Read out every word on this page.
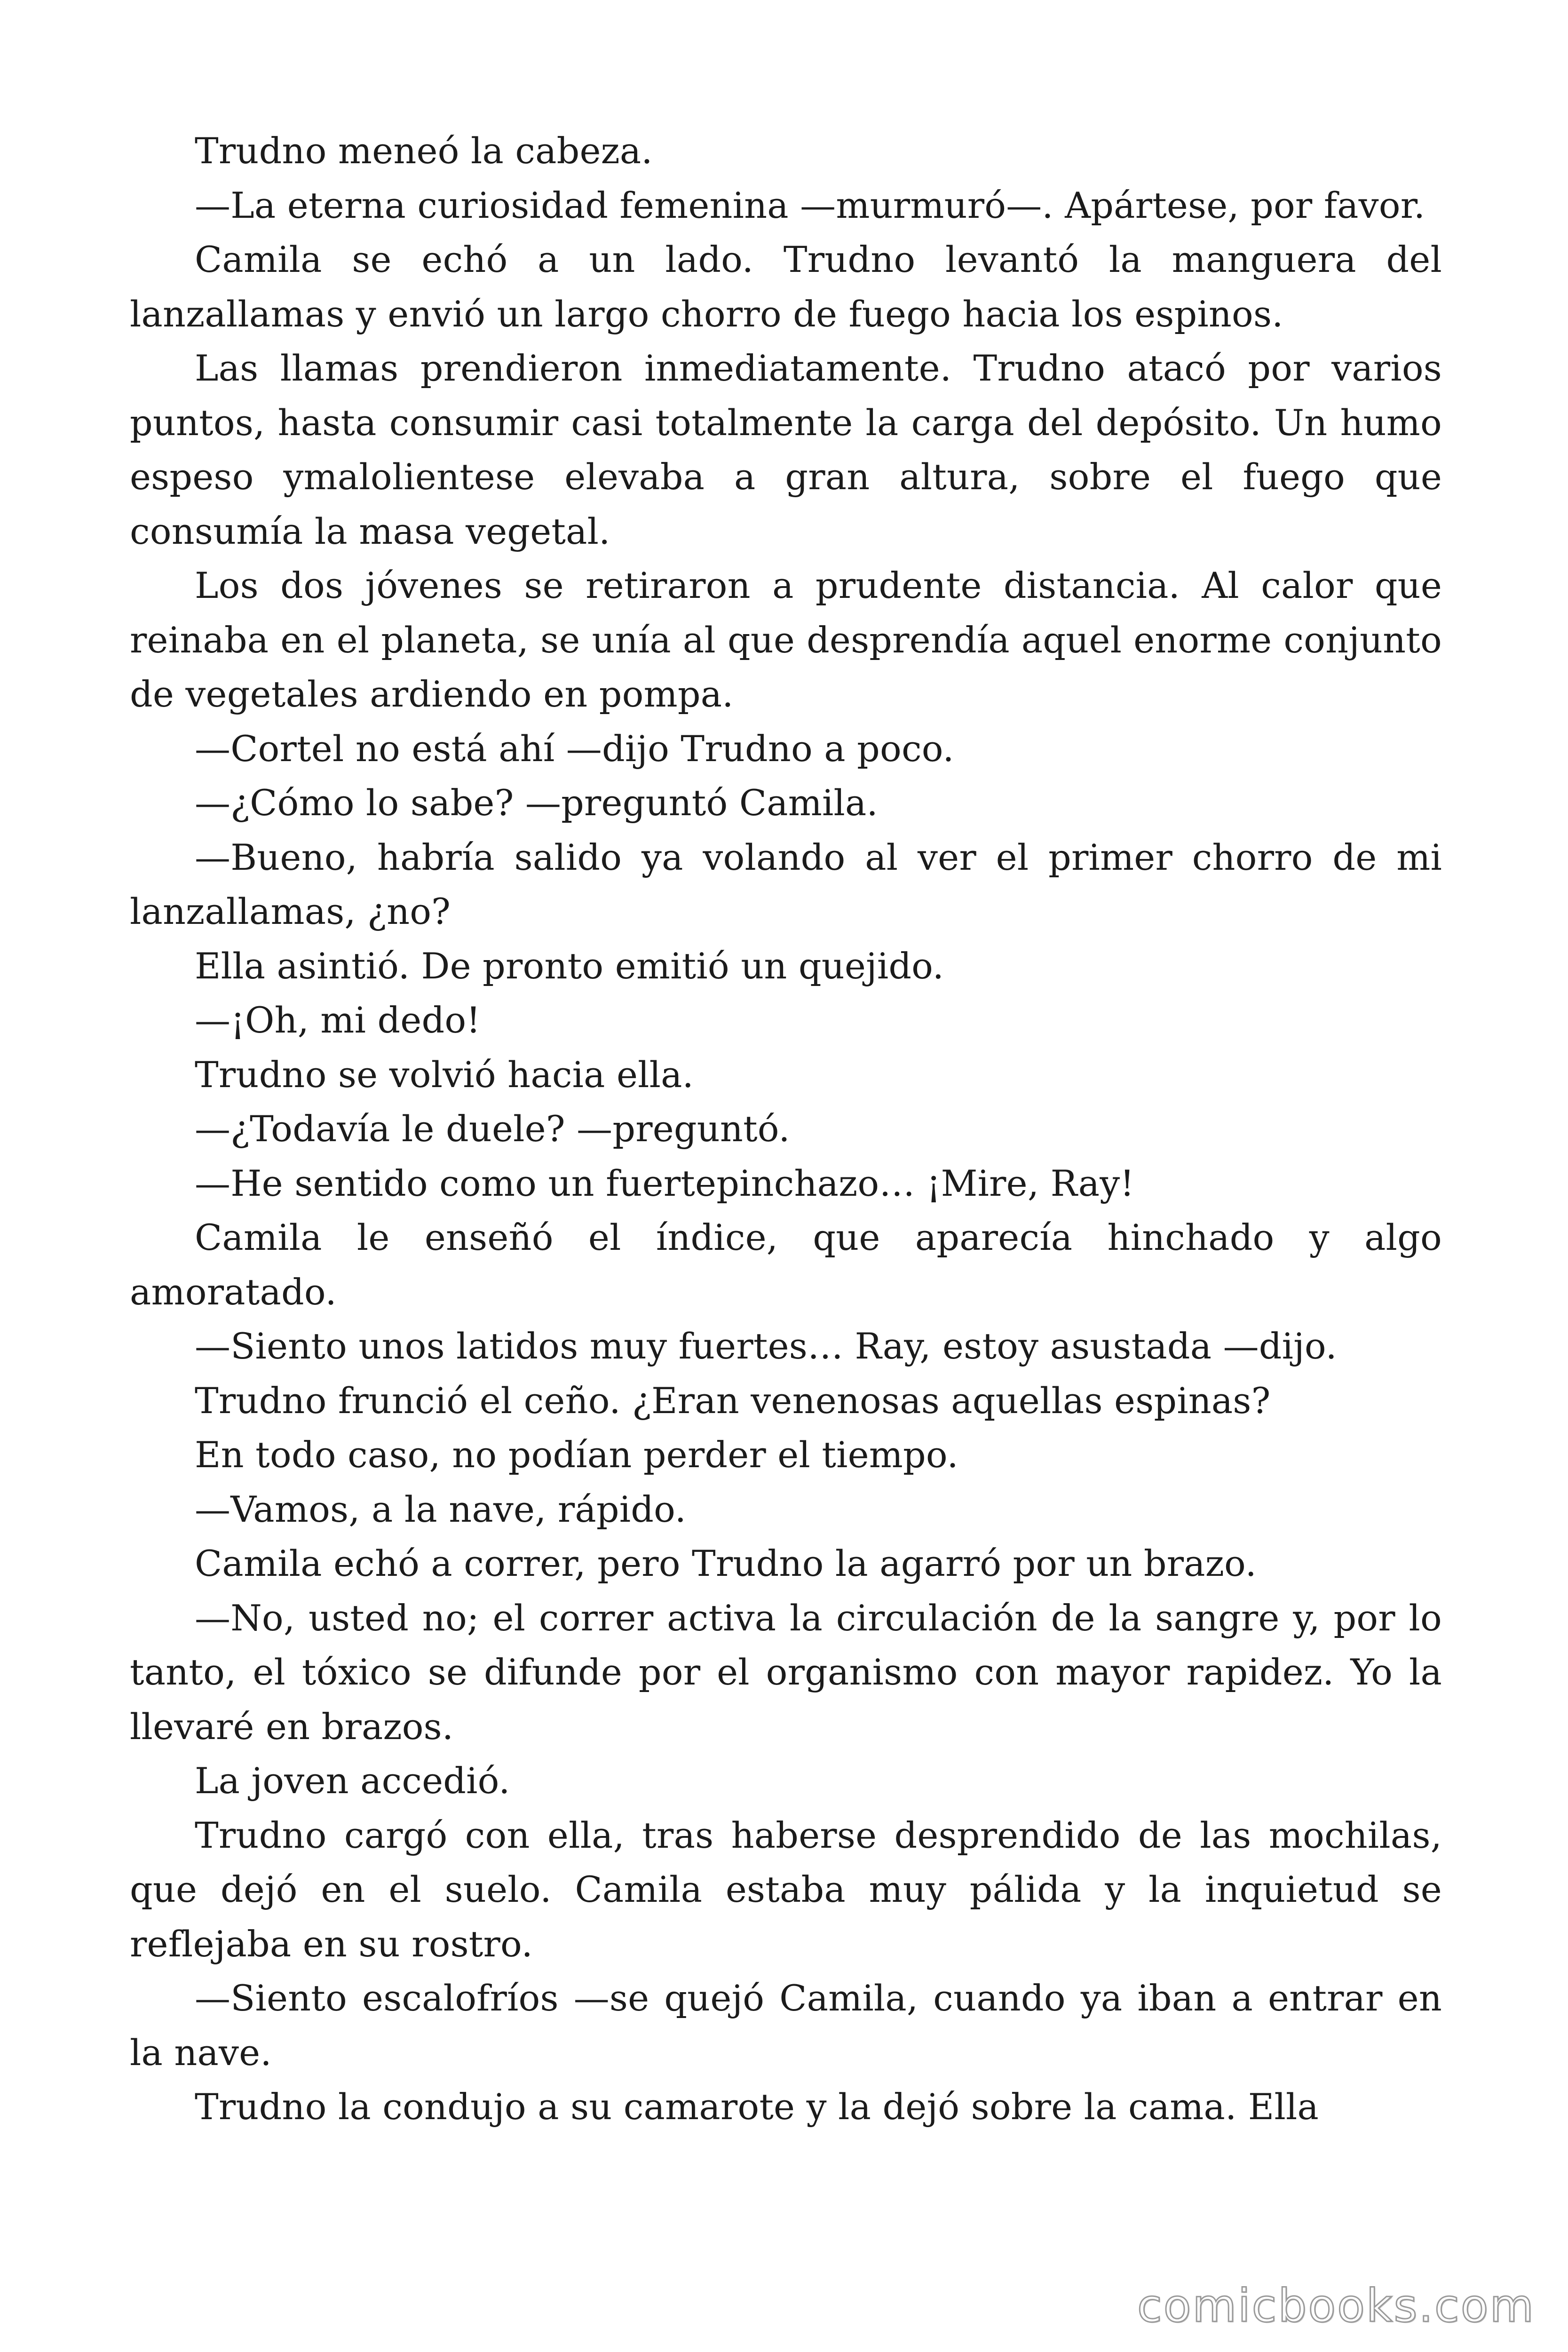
Trudno meneó la cabeza.

—La eterna curiosidad femenina —murmuró—. Apártese, por favor.

Camila se echó a un lado. Trudno levantó la manguera del lanzallamas y envió un largo chorro de fuego hacia los espinos.

Las llamas prendieron inmediatamente. Trudno atacó por varios puntos, hasta consumir casi totalmente la carga del depósito. Un humo espeso ymalolientese elevaba a gran altura, sobre el fuego que consumía la masa vegetal.

Los dos jóvenes se retiraron a prudente distancia. Al calor que reinaba en el planeta, se unía al que desprendía aquel enorme conjunto de vegetales ardiendo en pompa.

—Cortel no está ahí —dijo Trudno a poco.

—¿Cómo lo sabe? —preguntó Camila.

—Bueno, habría salido ya volando al ver el primer chorro de mi lanzallamas, ¿no?

Ella asintió. De pronto emitió un quejido.

—¡Oh, mi dedo!

Trudno se volvió hacia ella.

—¿Todavía le duele? —preguntó.

—He sentido como un fuertepinchazo… ¡Mire, Ray!

Camila le enseñó el índice, que aparecía hinchado y algo amoratado.

—Siento unos latidos muy fuertes… Ray, estoy asustada —dijo.

Trudno frunció el ceño. ¿Eran venenosas aquellas espinas?

En todo caso, no podían perder el tiempo.

—Vamos, a la nave, rápido.

Camila echó a correr, pero Trudno la agarró por un brazo.

—No, usted no; el correr activa la circulación de la sangre y, por lo tanto, el tóxico se difunde por el organismo con mayor rapidez. Yo la llevaré en brazos.

La joven accedió.

Trudno cargó con ella, tras haberse desprendido de las mochilas, que dejó en el suelo. Camila estaba muy pálida y la inquietud se reflejaba en su rostro.

—Siento escalofríos —se quejó Camila, cuando ya iban a entrar en la nave.

Trudno la condujo a su camarote y la dejó sobre la cama. Ella

comicbooks.com
